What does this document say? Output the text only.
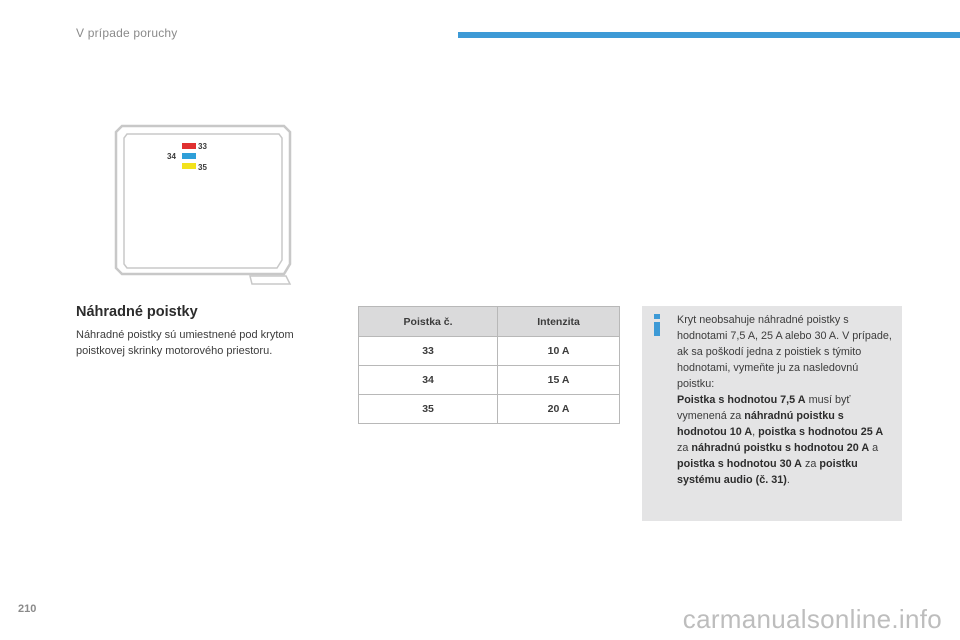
V prípade poruchy
33
34
35
Náhradné poistky
Náhradné poistky sú umiestnené pod krytom poistkovej skrinky motorového priestoru.
Poistka č.	Intenzita
33	10 A
34	15 A
35	20 A
Kryt neobsahuje náhradné poistky s hodnotami 7,5 A, 25 A alebo 30 A. V prípade, ak sa poškodí jedna z poistiek s týmito hodnotami, vymeňte ju za nasledovnú poistku:
Poistka s hodnotou 7,5 A musí byť vymenená za náhradnú poistku s hodnotou 10 A, poistka s hodnotou 25 A za náhradnú poistku s hodnotou 20 A a poistka s hodnotou 30 A za poistku systému audio (č. 31).
210	carmanualsonline.info
